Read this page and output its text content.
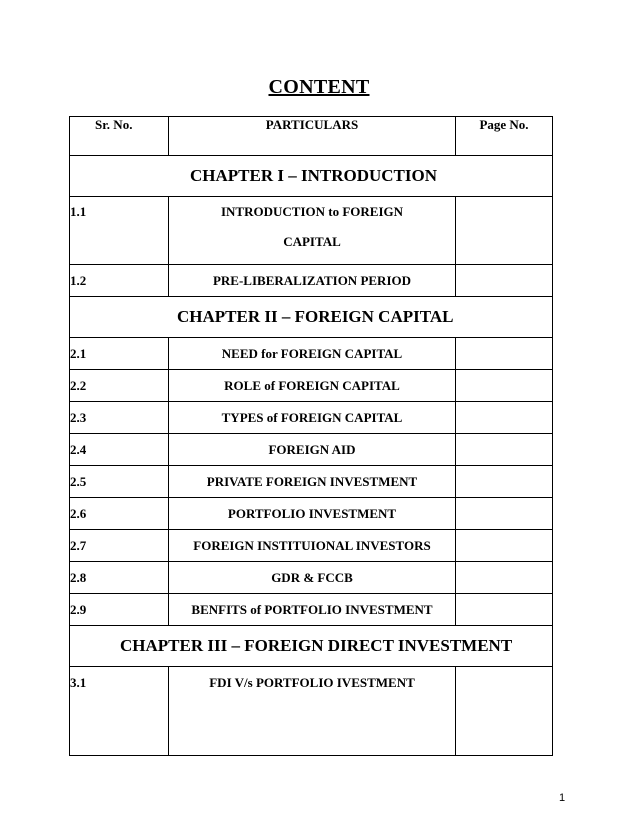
CONTENT
Sr. No.	PARTICULARS	Page No.

CHAPTER I – INTRODUCTION		

1.1	INTRODUCTION to FOREIGN
CAPITAL	

1.2	PRE-LIBERALIZATION PERIOD	

CHAPTER II – FOREIGN CAPITAL		

2.1	NEED for FOREIGN CAPITAL	

2.2	ROLE of FOREIGN CAPITAL	

2.3	TYPES of FOREIGN CAPITAL	

2.4	FOREIGN AID	

2.5	PRIVATE FOREIGN INVESTMENT	

2.6	PORTFOLIO INVESTMENT	

2.7	FOREIGN INSTITUIONAL INVESTORS	

2.8	GDR & FCCB	

2.9	BENFITS of PORTFOLIO INVESTMENT	

CHAPTER III – FOREIGN DIRECT INVESTMENT		

3.1	FDI V/s PORTFOLIO IVESTMENT	

1
